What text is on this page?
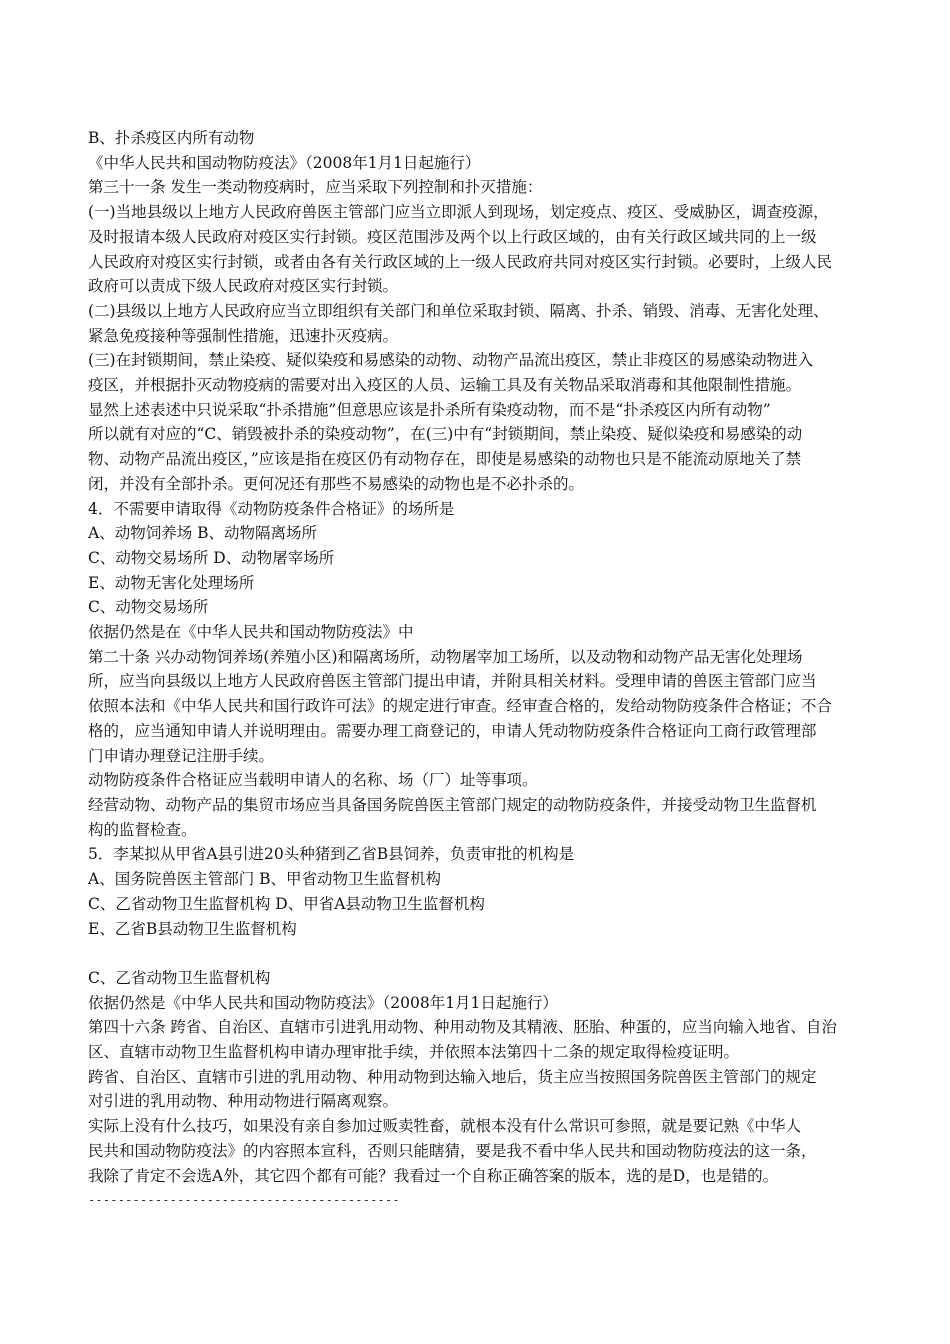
B、扑杀疫区内所有动物

《中华人民共和国动物防疫法》（2008年1月1日起施行）

第三十一条 发生一类动物疫病时，应当采取下列控制和扑灭措施：

(一)当地县级以上地方人民政府兽医主管部门应当立即派人到现场，划定疫点、疫区、受威胁区，调查疫源，

及时报请本级人民政府对疫区实行封锁。疫区范围涉及两个以上行政区域的，由有关行政区域共同的上一级

人民政府对疫区实行封锁，或者由各有关行政区域的上一级人民政府共同对疫区实行封锁。必要时，上级人民

政府可以责成下级人民政府对疫区实行封锁。

(二)县级以上地方人民政府应当立即组织有关部门和单位采取封锁、隔离、扑杀、销毁、消毒、无害化处理、

紧急免疫接种等强制性措施，迅速扑灭疫病。

(三)在封锁期间，禁止染疫、疑似染疫和易感染的动物、动物产品流出疫区，禁止非疫区的易感染动物进入

疫区，并根据扑灭动物疫病的需要对出入疫区的人员、运输工具及有关物品采取消毒和其他限制性措施。

显然上述表述中只说采取“扑杀措施”但意思应该是扑杀所有染疫动物，而不是“扑杀疫区内所有动物”

所以就有对应的“C、销毁被扑杀的染疫动物”，在(三)中有“封锁期间，禁止染疫、疑似染疫和易感染的动

物、动物产品流出疫区，”应该是指在疫区仍有动物存在，即使是易感染的动物也只是不能流动原地关了禁

闭，并没有全部扑杀。更何况还有那些不易感染的动物也是不必扑杀的。

4．不需要申请取得《动物防疫条件合格证》的场所是

A、动物饲养场 B、动物隔离场所

C、动物交易场所 D、动物屠宰场所

E、动物无害化处理场所

C、动物交易场所

依据仍然是在《中华人民共和国动物防疫法》中

第二十条 兴办动物饲养场(养殖小区)和隔离场所，动物屠宰加工场所，以及动物和动物产品无害化处理场

所，应当向县级以上地方人民政府兽医主管部门提出申请，并附具相关材料。受理申请的兽医主管部门应当

依照本法和《中华人民共和国行政许可法》的规定进行审查。经审查合格的，发给动物防疫条件合格证；不合

格的，应当通知申请人并说明理由。需要办理工商登记的，申请人凭动物防疫条件合格证向工商行政管理部

门申请办理登记注册手续。

动物防疫条件合格证应当载明申请人的名称、场（厂）址等事项。

经营动物、动物产品的集贸市场应当具备国务院兽医主管部门规定的动物防疫条件，并接受动物卫生监督机

构的监督检查。

5．李某拟从甲省A县引进20头种猪到乙省B县饲养，负责审批的机构是

A、国务院兽医主管部门 B、甲省动物卫生监督机构

C、乙省动物卫生监督机构 D、甲省A县动物卫生监督机构

E、乙省B县动物卫生监督机构

C、乙省动物卫生监督机构

依据仍然是《中华人民共和国动物防疫法》（2008年1月1日起施行）

第四十六条 跨省、自治区、直辖市引进乳用动物、种用动物及其精液、胚胎、种蛋的，应当向输入地省、自治

区、直辖市动物卫生监督机构申请办理审批手续，并依照本法第四十二条的规定取得检疫证明。

跨省、自治区、直辖市引进的乳用动物、种用动物到达输入地后，货主应当按照国务院兽医主管部门的规定

对引进的乳用动物、种用动物进行隔离观察。

实际上没有什么技巧，如果没有亲自参加过贩卖牲畜，就根本没有什么常识可参照，就是要记熟《中华人

民共和国动物防疫法》的内容照本宣科，否则只能瞎猜，要是我不看中华人民共和国动物防疫法的这一条，

我除了肯定不会选A外，其它四个都有可能？我看过一个自称正确答案的版本，选的是D，也是错的。

------------------------------------------
